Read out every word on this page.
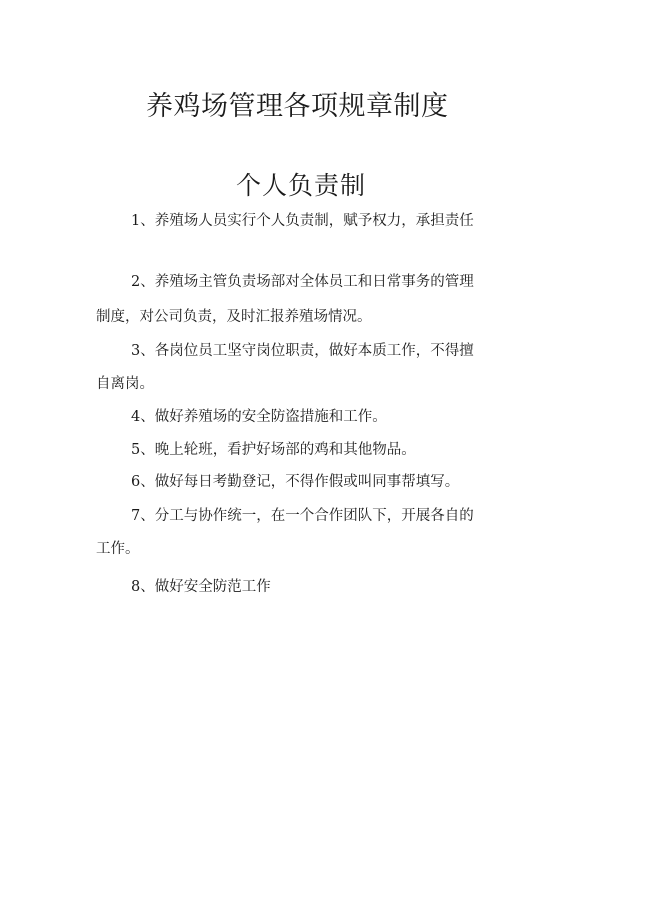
养鸡场管理各项规章制度
个人负责制
1、养殖场人员实行个人负责制，赋予权力，承担责任
2、养殖场主管负责场部对全体员工和日常事务的管理
制度，对公司负责，及时汇报养殖场情况。
3、各岗位员工坚守岗位职责，做好本质工作，不得擅
自离岗。
4、做好养殖场的安全防盗措施和工作。
5、晚上轮班，看护好场部的鸡和其他物品。
6、做好每日考勤登记，不得作假或叫同事帮填写。
7、分工与协作统一，在一个合作团队下，开展各自的
工作。
8、做好安全防范工作
